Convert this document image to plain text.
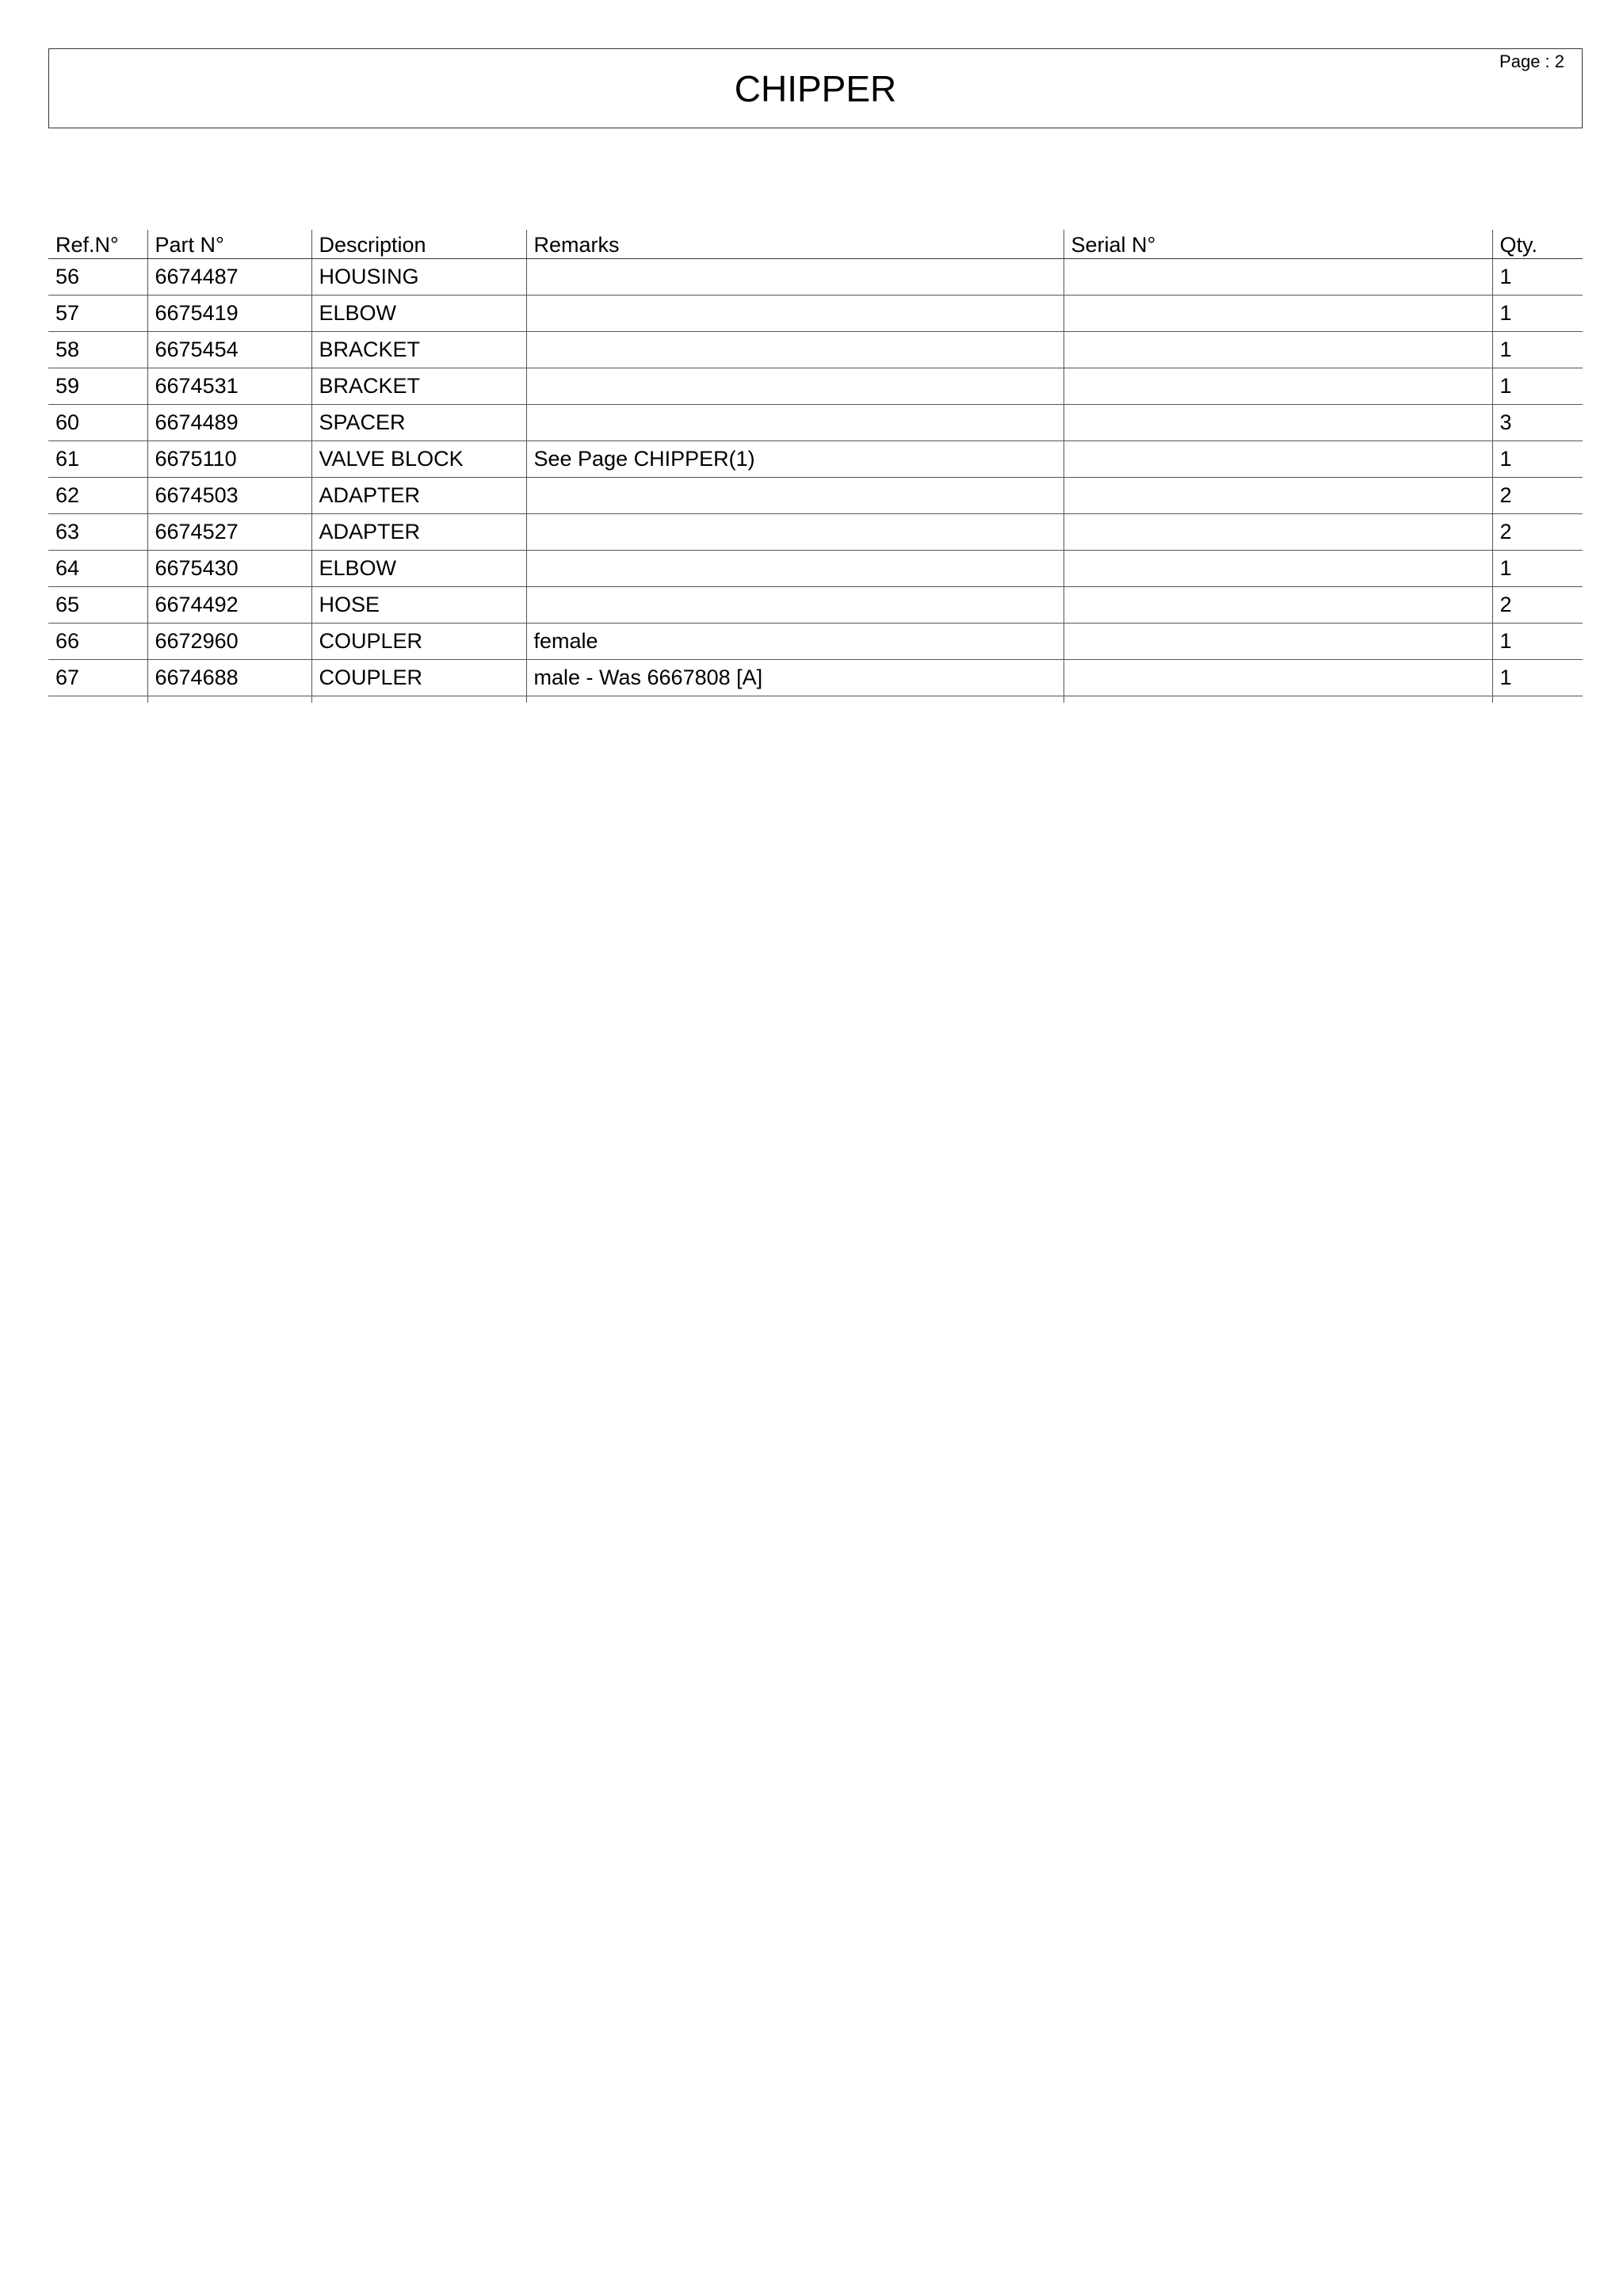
Page : 2
CHIPPER
Ref.N°	Part N°	Description	Remarks	Serial N°	Qty.
56	6674487	HOUSING			1
57	6675419	ELBOW			1
58	6675454	BRACKET			1
59	6674531	BRACKET			1
60	6674489	SPACER			3
61	6675110	VALVE BLOCK	See Page CHIPPER(1)		1
62	6674503	ADAPTER			2
63	6674527	ADAPTER			2
64	6675430	ELBOW			1
65	6674492	HOSE			2
66	6672960	COUPLER	female		1
67	6674688	COUPLER	male - Was 6667808 [A]		1
